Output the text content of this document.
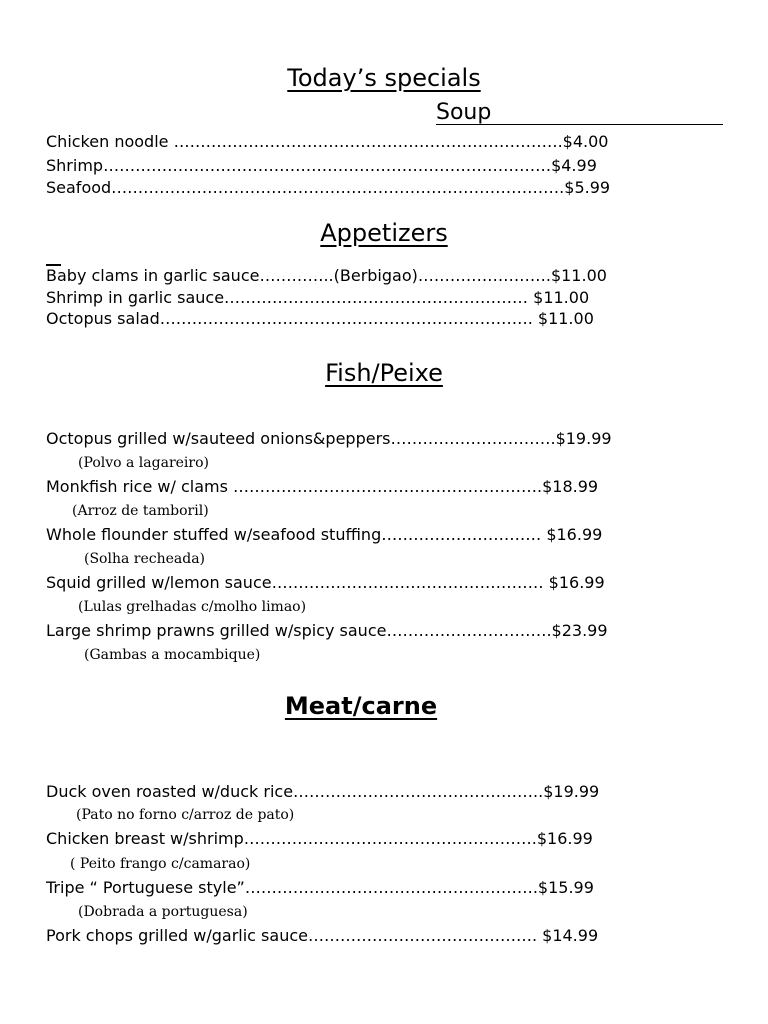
Today’s specials
Soup
Chicken noodle ……………………………………………………………….$4.00
Shrimp…………………………………………………………………………$4.99
Seafood………………………………………………………………………….$5.99
Appetizers
Baby clams in garlic sauce…………..(Berbigao)…………………….$11.00
Shrimp in garlic sauce………………………………………………… $11.00
Octopus salad……………………………………………………………. $11.00
Fish/Peixe
Octopus grilled w/sauteed onions&peppers………………………….$19.99
(Polvo a lagareiro)
Monkfish rice w/ clams ………………………………………………….$18.99
(Arroz de tamboril)
Whole flounder stuffed w/seafood stuffing………………………… $16.99
(Solha recheada)
Squid grilled w/lemon sauce…………………………………………… $16.99
(Lulas grelhadas c/molho limao)
Large shrimp prawns grilled w/spicy sauce………………………….$23.99
(Gambas a mocambique)
Meat/carne
Duck oven roasted w/duck rice………………………………………..$19.99
(Pato no forno c/arroz de pato)
Chicken breast w/shrimp……………………………………………….$16.99
( Peito frango c/camarao)
Tripe “ Portuguese style”……………………………………………….$15.99
(Dobrada a portuguesa)
Pork chops grilled w/garlic sauce……………………………………. $14.99
